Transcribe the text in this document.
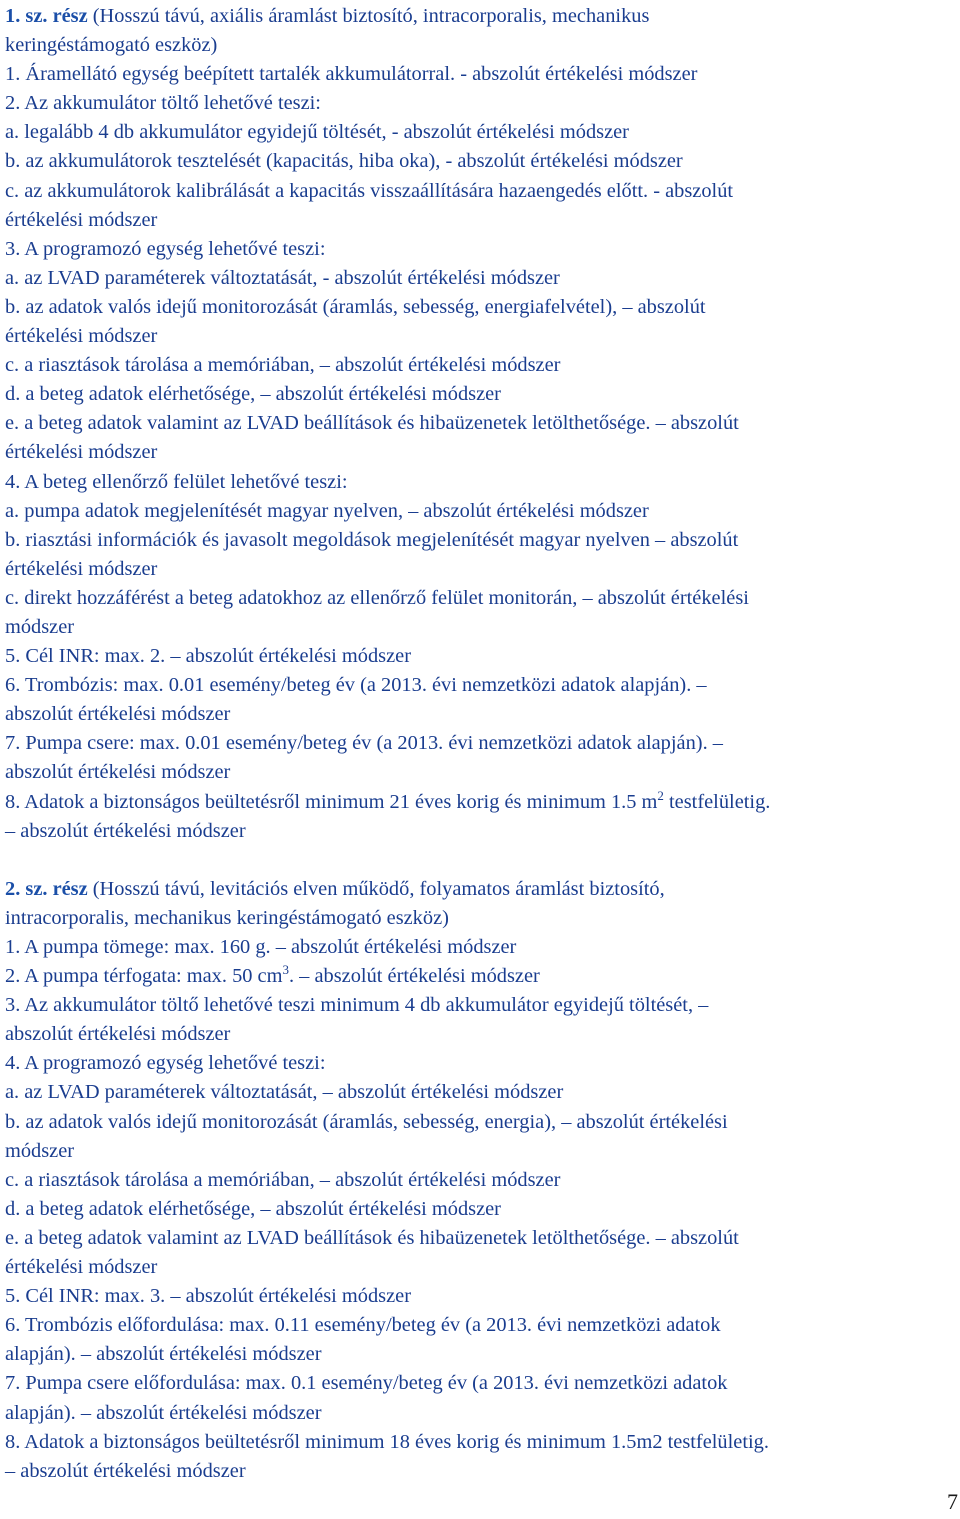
1. sz. rész (Hosszú távú, axiális áramlást biztosító, intracorporalis, mechanikus
keringéstámogató eszköz)
1. Áramellátó egység beépített tartalék akkumulátorral. - abszolút értékelési módszer
2. Az akkumulátor töltő lehetővé teszi:
a. legalább 4 db akkumulátor egyidejű töltését, - abszolút értékelési módszer
b. az akkumulátorok tesztelését (kapacitás, hiba oka), - abszolút értékelési módszer
c. az akkumulátorok kalibrálását a kapacitás visszaállítására hazaengedés előtt. - abszolút
értékelési módszer
3. A programozó egység lehetővé teszi:
a. az LVAD paraméterek változtatását, - abszolút értékelési módszer
b. az adatok valós idejű monitorozását (áramlás, sebesség, energiafelvétel), – abszolút
értékelési módszer
c. a riasztások tárolása a memóriában, – abszolút értékelési módszer
d. a beteg adatok elérhetősége, – abszolút értékelési módszer
e. a beteg adatok valamint az LVAD beállítások és hibaüzenetek letölthetősége. – abszolút
értékelési módszer
4. A beteg ellenőrző felület lehetővé teszi:
a. pumpa adatok megjelenítését magyar nyelven, – abszolút értékelési módszer
b. riasztási információk és javasolt megoldások megjelenítését magyar nyelven – abszolút
értékelési módszer
c. direkt hozzáférést a beteg adatokhoz az ellenőrző felület monitorán, – abszolút értékelési
módszer
5. Cél INR: max. 2. – abszolút értékelési módszer
6. Trombózis: max. 0.01 esemény/beteg év (a 2013. évi nemzetközi adatok alapján). –
abszolút értékelési módszer
7. Pumpa csere: max. 0.01 esemény/beteg év (a 2013. évi nemzetközi adatok alapján). –
abszolút értékelési módszer
8. Adatok a biztonságos beültetésről minimum 21 éves korig és minimum 1.5 $m^2$ testfelületig.
– abszolút értékelési módszer
2. sz. rész (Hosszú távú, levitációs elven működő, folyamatos áramlást biztosító,
intracorporalis, mechanikus keringéstámogató eszköz)
1. A pumpa tömege: max. 160 g. – abszolút értékelési módszer
2. A pumpa térfogata: max. 50 $cm^3$. – abszolút értékelési módszer
3. Az akkumulátor töltő lehetővé teszi minimum 4 db akkumulátor egyidejű töltését, –
abszolút értékelési módszer
4. A programozó egység lehetővé teszi:
a. az LVAD paraméterek változtatását, – abszolút értékelési módszer
b. az adatok valós idejű monitorozását (áramlás, sebesség, energia), – abszolút értékelési
módszer
c. a riasztások tárolása a memóriában, – abszolút értékelési módszer
d. a beteg adatok elérhetősége, – abszolút értékelési módszer
e. a beteg adatok valamint az LVAD beállítások és hibaüzenetek letölthetősége. – abszolút
értékelési módszer
5. Cél INR: max. 3. – abszolút értékelési módszer
6. Trombózis előfordulása: max. 0.11 esemény/beteg év (a 2013. évi nemzetközi adatok
alapján). – abszolút értékelési módszer
7. Pumpa csere előfordulása: max. 0.1 esemény/beteg év (a 2013. évi nemzetközi adatok
alapján). – abszolút értékelési módszer
8. Adatok a biztonságos beültetésről minimum 18 éves korig és minimum 1.5m2 testfelületig.
– abszolút értékelési módszer
7
